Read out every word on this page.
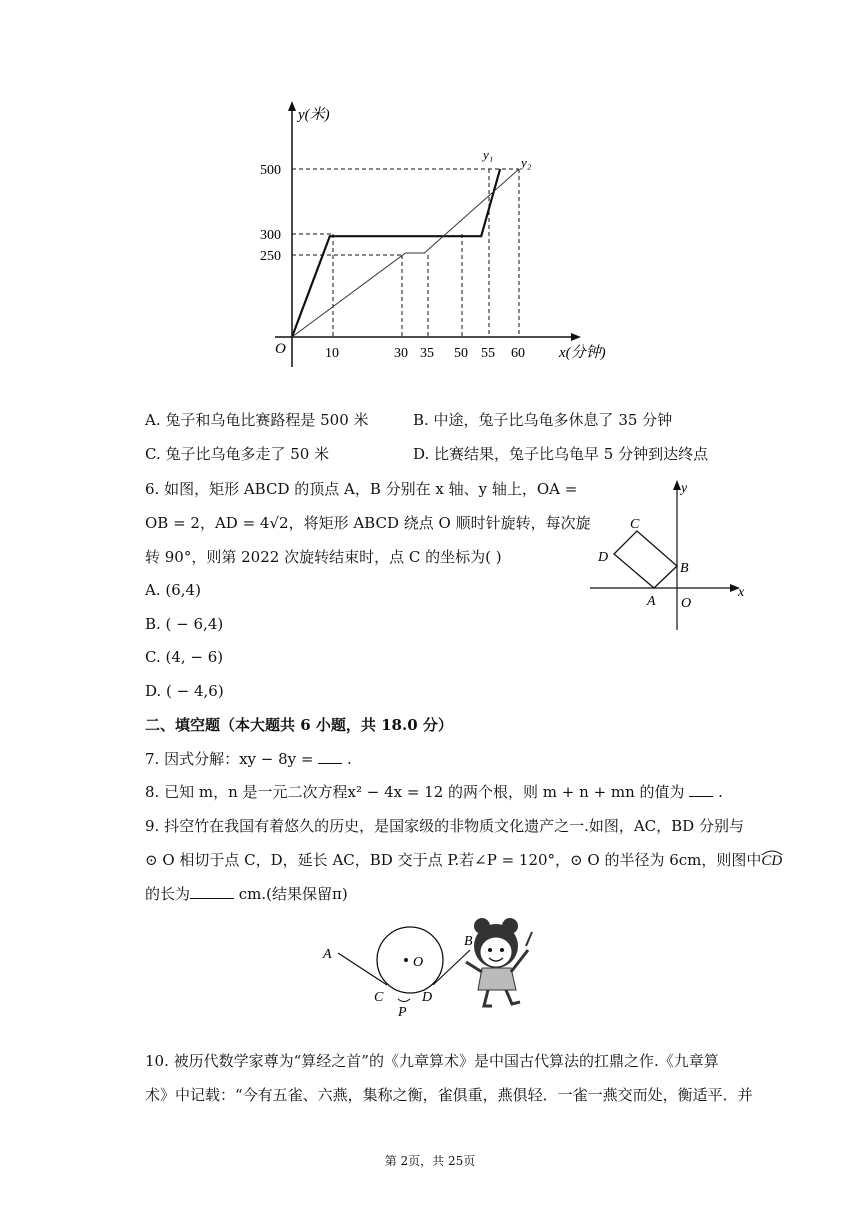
y(米)
x(分钟)
O
500
300
250
10	30 35 50 55 60
y₁
y₂
A. 兔子和乌龟比赛路程是 500 米	B. 中途，兔子比乌龟多休息了 35 分钟
C. 兔子比乌龟多走了 50 米	D. 比赛结果，兔子比乌龟早 5 分钟到达终点
6. 如图，矩形 ABCD 的顶点 A，B 分别在 x 轴、y 轴上，OA =
OB = 2，AD = 4√2，将矩形 ABCD 绕点 O 顺时针旋转，每次旋
转 90°，则第 2022 次旋转结束时，点 C 的坐标为( )
A. (6,4)
B. ( − 6,4)
C. (4, − 6)
D. ( − 4,6)
C
D
B
A O
x
y
二、填空题（本大题共 6 小题，共 18.0 分）
7. 因式分解：xy − 8y =  .
8. 已知 m，n 是一元二次方程x² − 4x = 12 的两个根，则 m + n + mn 的值为  .
9. 抖空竹在我国有着悠久的历史，是国家级的非物质文化遗产之一.如图，AC，BD 分别与
⊙ O 相切于点 C，D，延长 AC，BD 交于点 P.若∠P = 120°，⊙ O 的半径为 6cm，则图中
CD
的长为	cm.(结果保留π)
A
B
C	D
P
O
10. 被历代数学家尊为“算经之首”的《九章算术》是中国古代算法的扛鼎之作.《九章算
术》中记载：“今有五雀、六燕，集称之衡，雀俱重，燕俱轻．一雀一燕交而处，衡适平．并
第 2页，共 25页
